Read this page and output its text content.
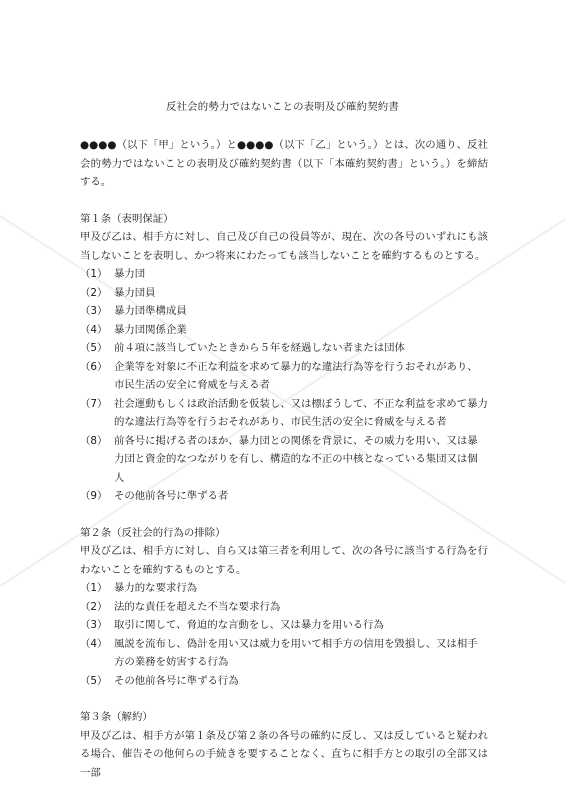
反社会的勢力ではないことの表明及び確約契約書

●●●●（以下「甲」という。）と●●●●（以下「乙」という。）とは、次の通り、反社会的勢力ではないことの表明及び確約契約書（以下「本確約契約書」という。）を締結する。

第１条（表明保証）

甲及び乙は、相手方に対し、自己及び自己の役員等が、現在、次の各号のいずれにも該当しないことを表明し、かつ将来にわたっても該当しないことを確約するものとする。

（1） 暴力団
（2） 暴力団員
（3） 暴力団準構成員
（4） 暴力団関係企業
（5） 前４項に該当していたときから５年を経過しない者または団体
（6） 企業等を対象に不正な利益を求めて暴力的な違法行為等を行うおそれがあり、市民生活の安全に脅威を与える者
（7） 社会運動もしくは政治活動を仮装し、又は標ぼうして、不正な利益を求めて暴力的な違法行為等を行うおそれがあり、市民生活の安全に脅威を与える者
（8） 前各号に掲げる者のほか、暴力団との関係を背景に、その威力を用い、又は暴力団と資金的なつながりを有し、構造的な不正の中核となっている集団又は個人
（9） その他前各号に準ずる者
第２条（反社会的行為の排除）

甲及び乙は、相手方に対し、自ら又は第三者を利用して、次の各号に該当する行為を行わないことを確約するものとする。

（1） 暴力的な要求行為
（2） 法的な責任を超えた不当な要求行為
（3） 取引に関して、脅迫的な言動をし、又は暴力を用いる行為
（4） 風説を流布し、偽計を用い又は威力を用いて相手方の信用を毀損し、又は相手方の業務を妨害する行為
（5） その他前各号に準ずる行為
第３条（解約）

甲及び乙は、相手方が第１条及び第２条の各号の確約に反し、又は反していると疑われる場合、催告その他何らの手続きを要することなく、直ちに相手方との取引の全部又は一部
